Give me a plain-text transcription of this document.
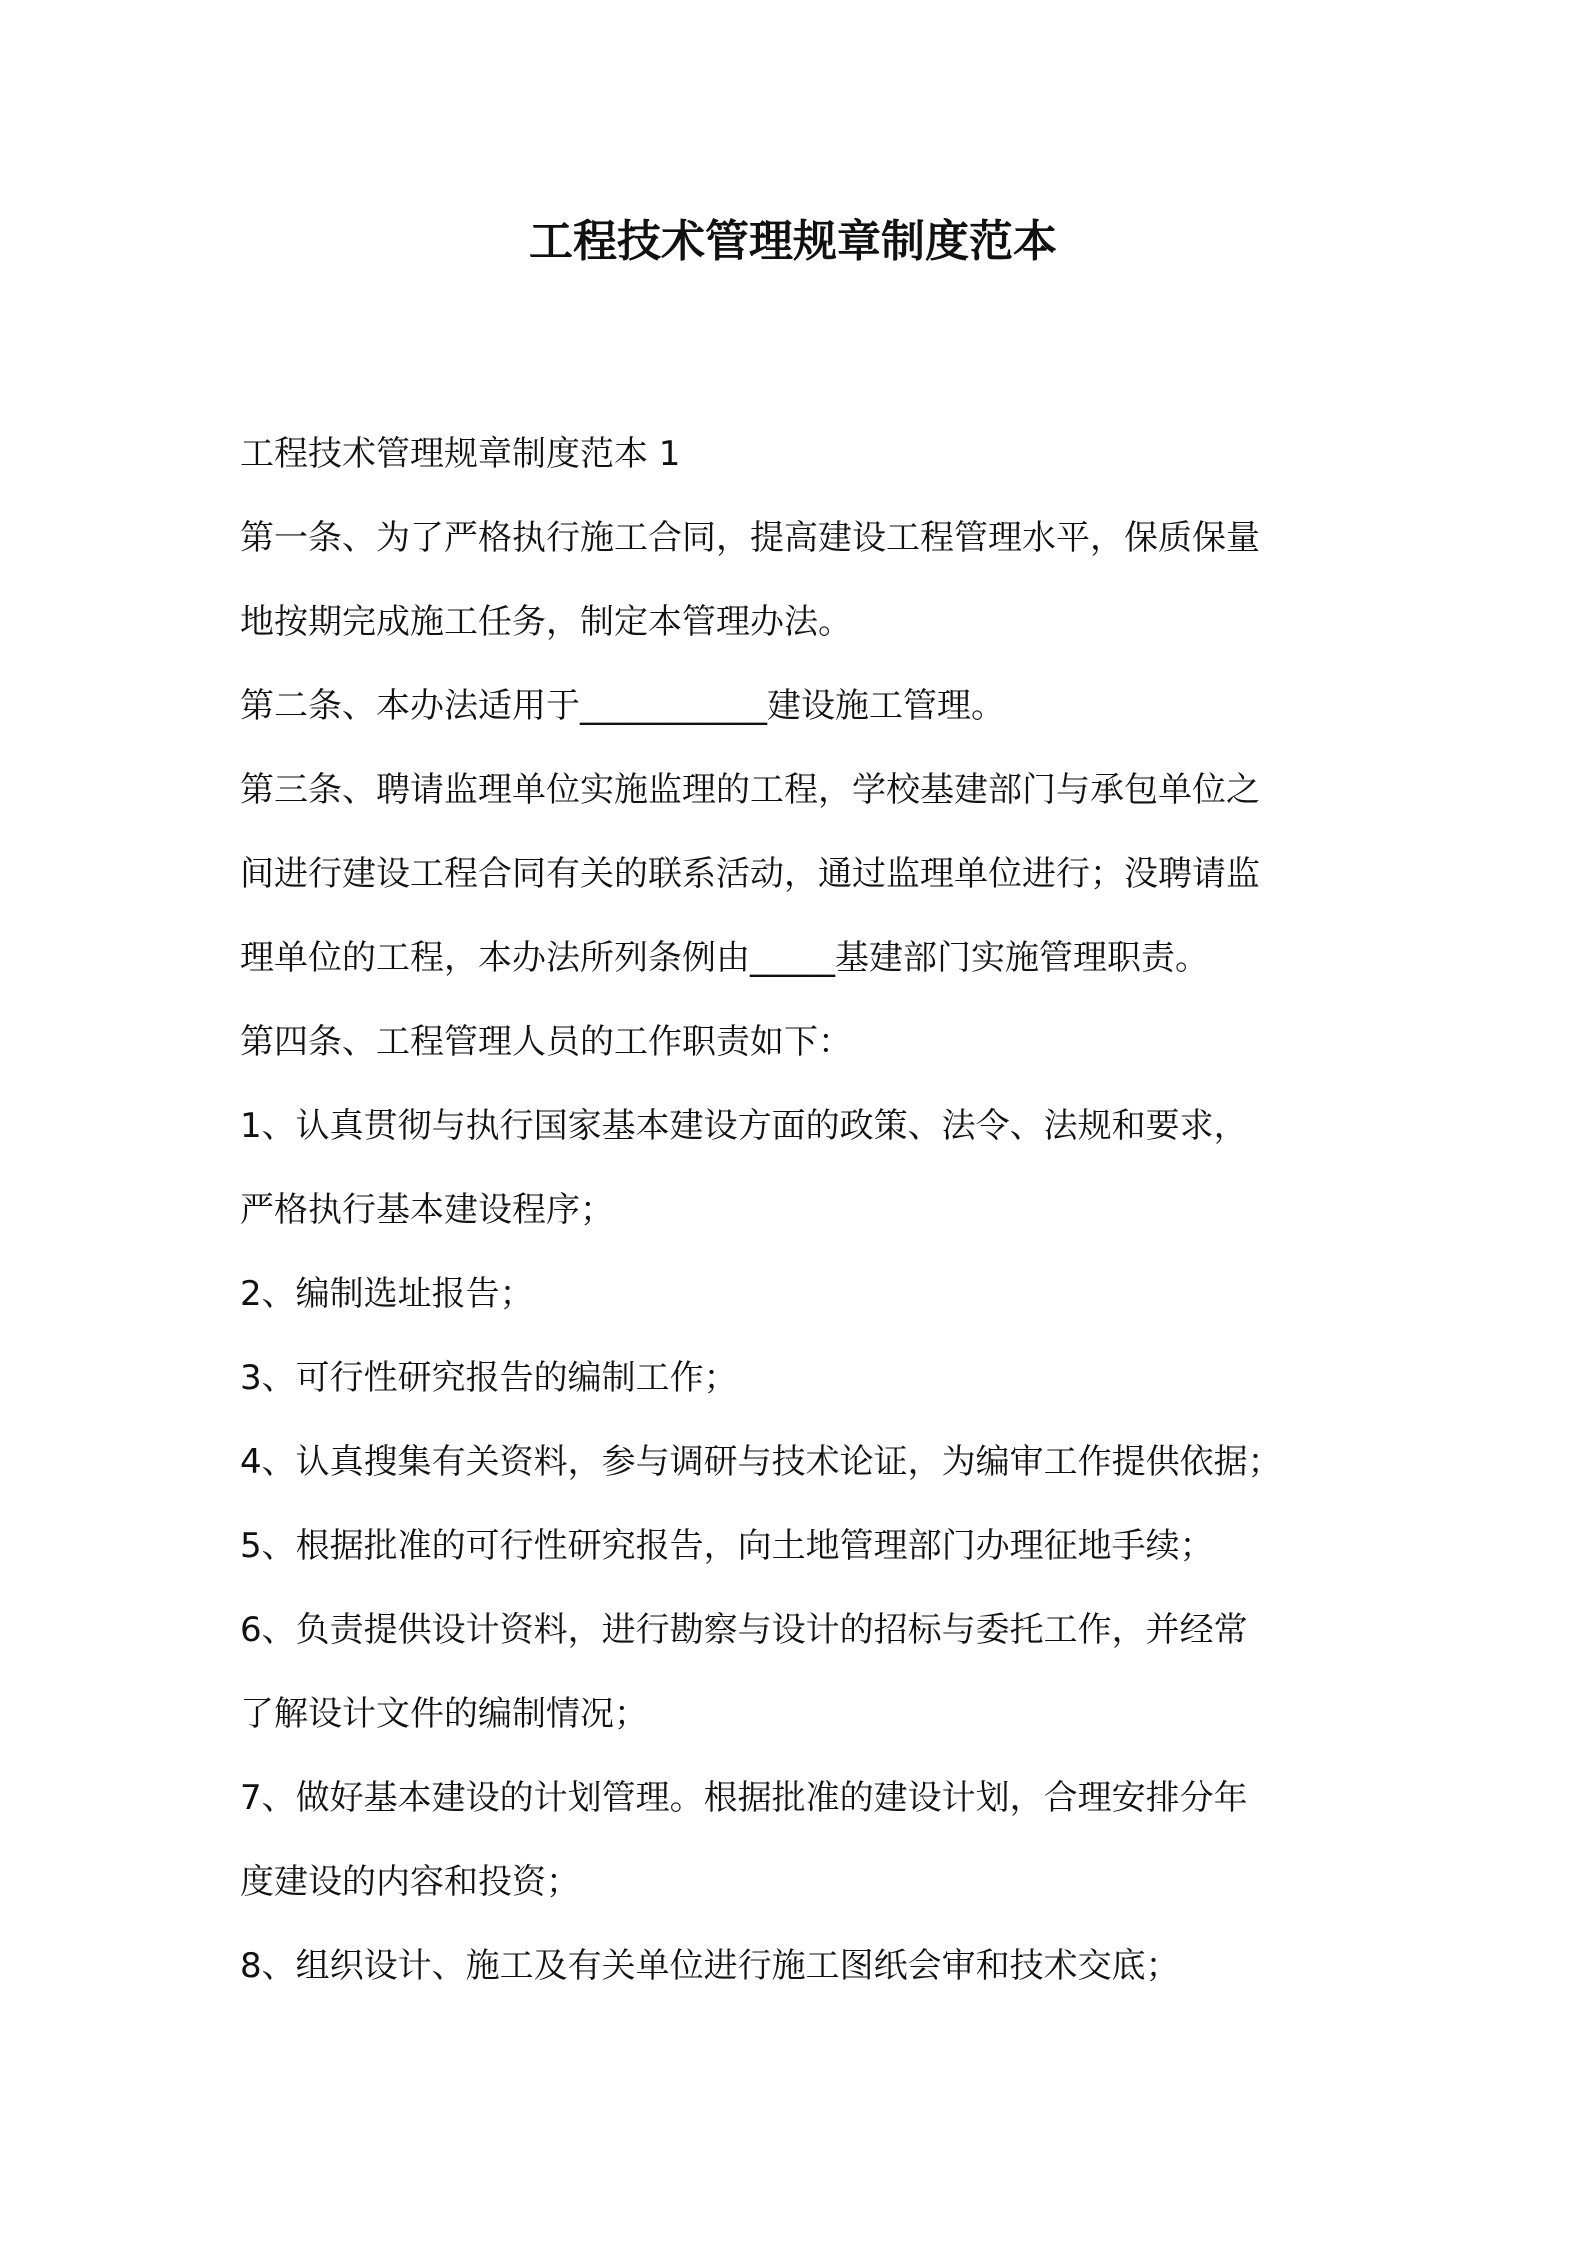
工程技术管理规章制度范本
工程技术管理规章制度范本 1
第一条、为了严格执行施工合同，提高建设工程管理水平，保质保量
地按期完成施工任务，制定本管理办法。
第二条、本办法适用于___________建设施工管理。
第三条、聘请监理单位实施监理的工程，学校基建部门与承包单位之
间进行建设工程合同有关的联系活动，通过监理单位进行；没聘请监
理单位的工程，本办法所列条例由_____基建部门实施管理职责。
第四条、工程管理人员的工作职责如下：
1、认真贯彻与执行国家基本建设方面的政策、法令、法规和要求，
严格执行基本建设程序；
2、编制选址报告；
3、可行性研究报告的编制工作；
4、认真搜集有关资料，参与调研与技术论证，为编审工作提供依据；
5、根据批准的可行性研究报告，向土地管理部门办理征地手续；
6、负责提供设计资料，进行勘察与设计的招标与委托工作，并经常
了解设计文件的编制情况；
7、做好基本建设的计划管理。根据批准的建设计划，合理安排分年
度建设的内容和投资；
8、组织设计、施工及有关单位进行施工图纸会审和技术交底；
